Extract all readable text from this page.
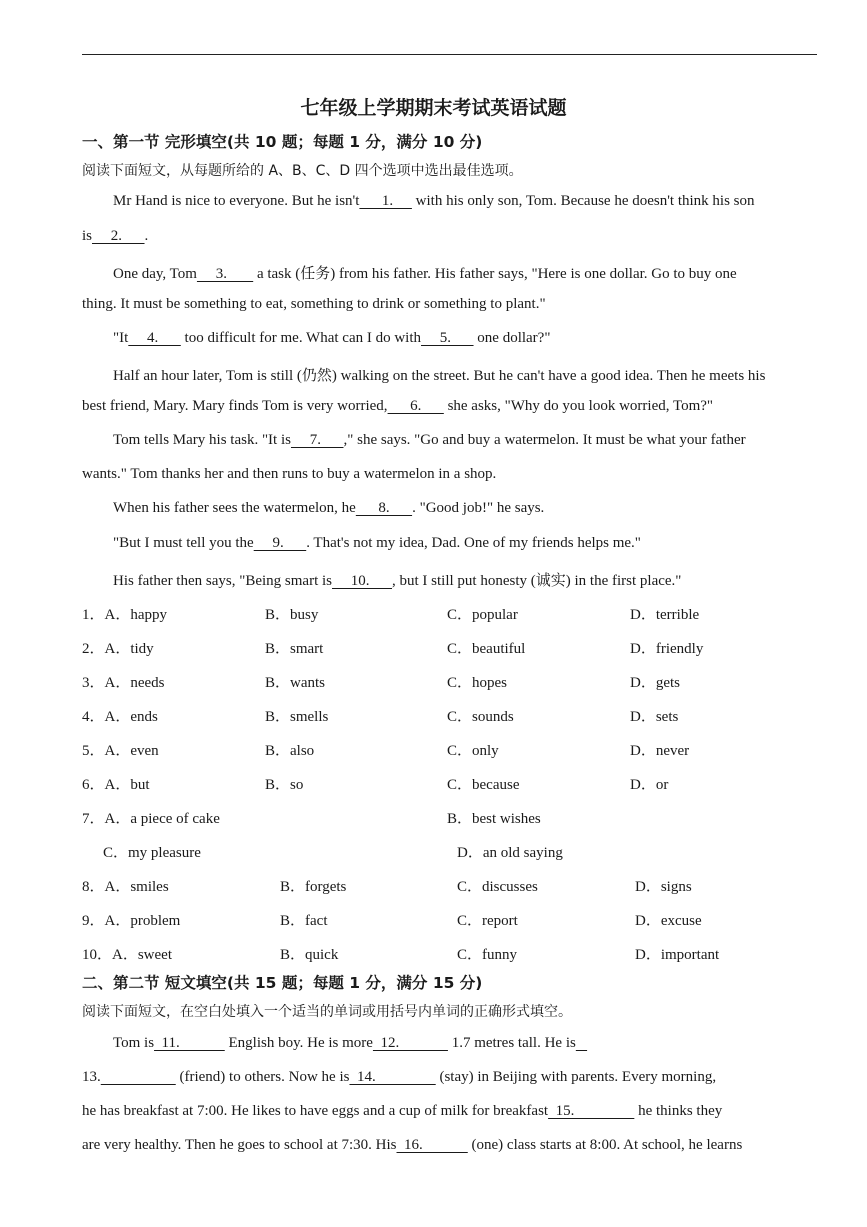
七年级上学期期末考试英语试题
一、第一节 完形填空(共 10 题；每题 1 分，满分 10 分)
阅读下面短文，从每题所给的 A、B、C、D 四个选项中选出最佳选项。
Mr Hand is nice to everyone. But he isn't      1.      with his only son, Tom. Because he doesn't think his son
is     2.      .
One day, Tom     3.        a task (任务) from his father. His father says, "Here is one dollar. Go to buy one
thing. It must be something to eat, something to drink or something to plant."
"It     4.       too difficult for me. What can I do with     5.       one dollar?"
Half an hour later, Tom is still (仍然) walking on the street. But he can't have a good idea. Then he meets his
best friend, Mary. Mary finds Tom is very worried,      6.       she asks, "Why do you look worried, Tom?"
Tom tells Mary his task. "It is     7.      ," she says. "Go and buy a watermelon. It must be what your father
wants." Tom thanks her and then runs to buy a watermelon in a shop.
When his father sees the watermelon, he      8.      . "Good job!" he says.
"But I must tell you the     9.      . That's not my idea, Dad. One of my friends helps me."
His father then says, "Being smart is     10.      , but I still put honesty (诚实) in the first place."
1．A．happy	B．busy	C．popular	D．terrible
2．A．tidy	B．smart	C．beautiful	D．friendly
3．A．needs	B．wants	C．hopes	D．gets
4．A．ends	B．smells	C．sounds	D．sets
5．A．even	B．also	C．only	D．never
6．A．but	B．so	C．because	D．or
7．A．a piece of cake	B．best wishes
C．my pleasure	D．an old saying
8．A．smiles	B．forgets	C．discusses	D．signs
9．A．problem	B．fact	C．report	D．excuse
10．A．sweet	B．quick	C．funny	D．important
二、第二节 短文填空(共 15 题；每题 1 分，满分 15 分)
阅读下面短文，在空白处填入一个适当的单词或用括号内单词的正确形式填空。
Tom is  11.             English boy. He is more  12.              1.7 metres tall. He is
13.	(friend) to others. Now he is  14.                 (stay) in Beijing with parents. Every morning,
he has breakfast at 7:00. He likes to have eggs and a cup of milk for breakfast  15.                 he thinks they
are very healthy. Then he goes to school at 7:30. His  16.             (one) class starts at 8:00. At school, he learns
